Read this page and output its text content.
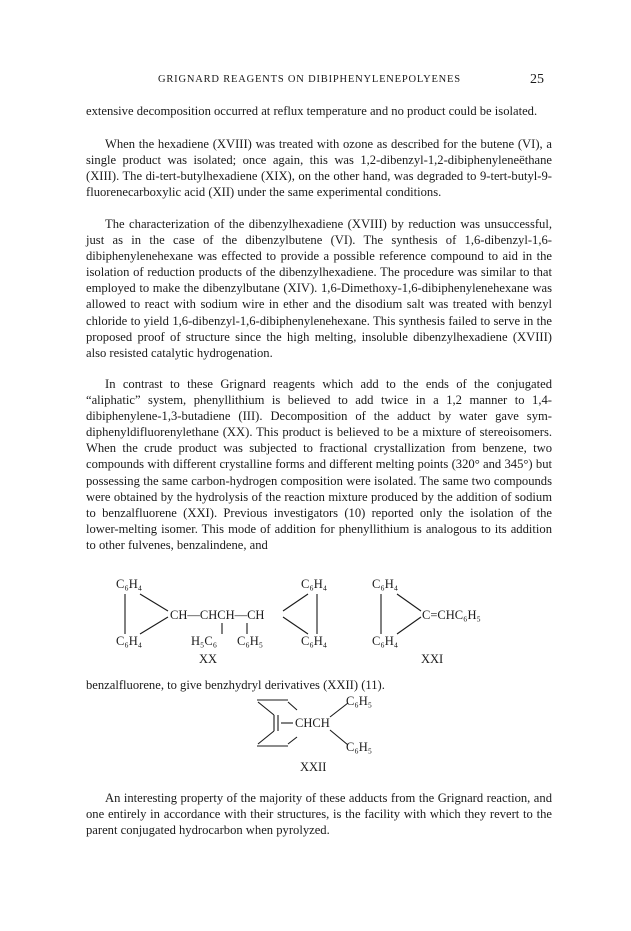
GRIGNARD REAGENTS ON DIBIPHENYLENEPOLYENES	25

extensive decomposition occurred at reflux temperature and no product could be isolated.

When the hexadiene (XVIII) was treated with ozone as described for the butene (VI), a single product was isolated; once again, this was 1,2-dibenzyl-1,2-dibiphenyleneëthane (XIII). The di-tert-butylhexadiene (XIX), on the other hand, was degraded to 9-tert-butyl-9-fluorenecarboxylic acid (XII) under the same experimental conditions.

The characterization of the dibenzylhexadiene (XVIII) by reduction was unsuccessful, just as in the case of the dibenzylbutene (VI). The synthesis of 1,6-dibenzyl-1,6-dibiphenylenehexane was effected to provide a possible reference compound to aid in the isolation of reduction products of the dibenzylhexadiene. The procedure was similar to that employed to make the dibenzylbutane (XIV). 1,6-Dimethoxy-1,6-dibiphenylenehexane was allowed to react with sodium wire in ether and the disodium salt was treated with benzyl chloride to yield 1,6-dibenzyl-1,6-dibiphenylenehexane. This synthesis failed to serve in the proposed proof of structure since the high melting, insoluble dibenzylhexadiene (XVIII) also resisted catalytic hydrogenation.

In contrast to these Grignard reagents which add to the ends of the conjugated “aliphatic” system, phenyllithium is believed to add twice in a 1,2 manner to 1,4-dibiphenylene-1,3-butadiene (III). Decomposition of the adduct by water gave sym-diphenyldifluorenylethane (XX). This product is believed to be a mixture of stereoisomers. When the crude product was subjected to fractional crystallization from benzene, two compounds with different crystalline forms and different melting points (320° and 345°) but possessing the same carbon-hydrogen composition were isolated. The same two compounds were obtained by the hydrolysis of the reaction mixture produced by the addition of sodium to benzalfluorene (XXI). Previous investigators (10) reported only the isolation of the lower-melting isomer. This mode of addition for phenyllithium is analogous to its addition to other fulvenes, benzalindene, and

C₆H₄
C₆H₄
CH—CHCH—CH
H₅C₆ C₆H₅
C₆H₄
C₆H₄
XX
C₆H₄
C₆H₄
C=CHC₆H₅
XXI
CHCH
C₆H₅
C₆H₅
XXII

benzalfluorene, to give benzhydryl derivatives (XXII) (11).

An interesting property of the majority of these adducts from the Grignard reaction, and one entirely in accordance with their structures, is the facility with which they revert to the parent conjugated hydrocarbon when pyrolyzed.
